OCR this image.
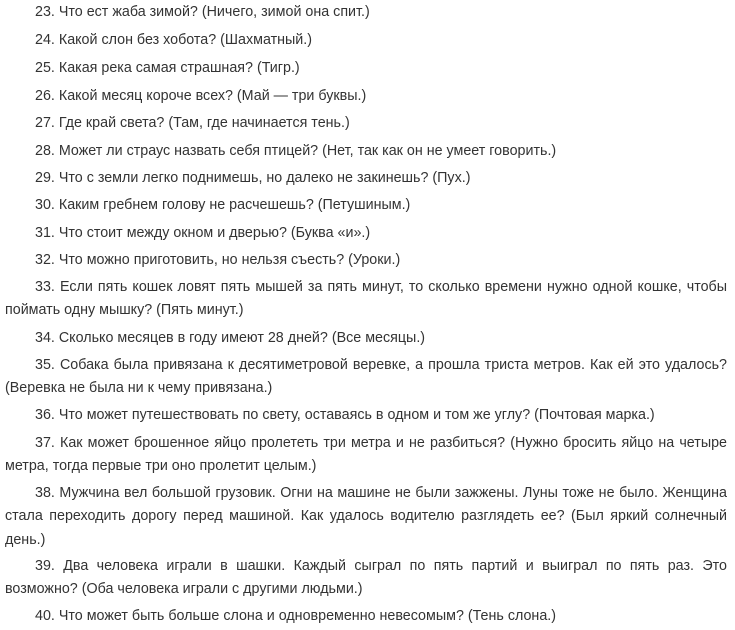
23. Что ест жаба зимой? (Ничего, зимой она спит.)

24. Какой слон без хобота? (Шахматный.)

25. Какая река самая страшная? (Тигр.)

26. Какой месяц короче всех? (Май — три буквы.)

27. Где край света? (Там, где начинается тень.)

28. Может ли страус назвать себя птицей? (Нет, так как он не умеет говорить.)

29. Что с земли легко поднимешь, но далеко не закинешь? (Пух.)

30. Каким гребнем голову не расчешешь? (Петушиным.)

31. Что стоит между окном и дверью? (Буква «и».)

32. Что можно приготовить, но нельзя съесть? (Уроки.)

33. Если пять кошек ловят пять мышей за пять минут, то сколько времени нужно одной кошке, чтобы поймать одну мышку? (Пять минут.)

34. Сколько месяцев в году имеют 28 дней? (Все месяцы.)

35. Собака была привязана к десятиметровой веревке, а прошла триста метров. Как ей это удалось? (Веревка не была ни к чему привязана.)

36. Что может путешествовать по свету, оставаясь в одном и том же углу? (Почтовая марка.)

37. Как может брошенное яйцо пролететь три метра и не разбиться? (Нужно бросить яйцо на четыре метра, тогда первые три оно пролетит целым.)

38. Мужчина вел большой грузовик. Огни на машине не были зажжены. Луны тоже не было. Женщина стала переходить дорогу перед машиной. Как удалось водителю разглядеть ее? (Был яркий солнечный день.)

39. Два человека играли в шашки. Каждый сыграл по пять партий и выиграл по пять раз. Это возможно? (Оба человека играли с другими людьми.)

40. Что может быть больше слона и одновременно невесомым? (Тень слона.)
